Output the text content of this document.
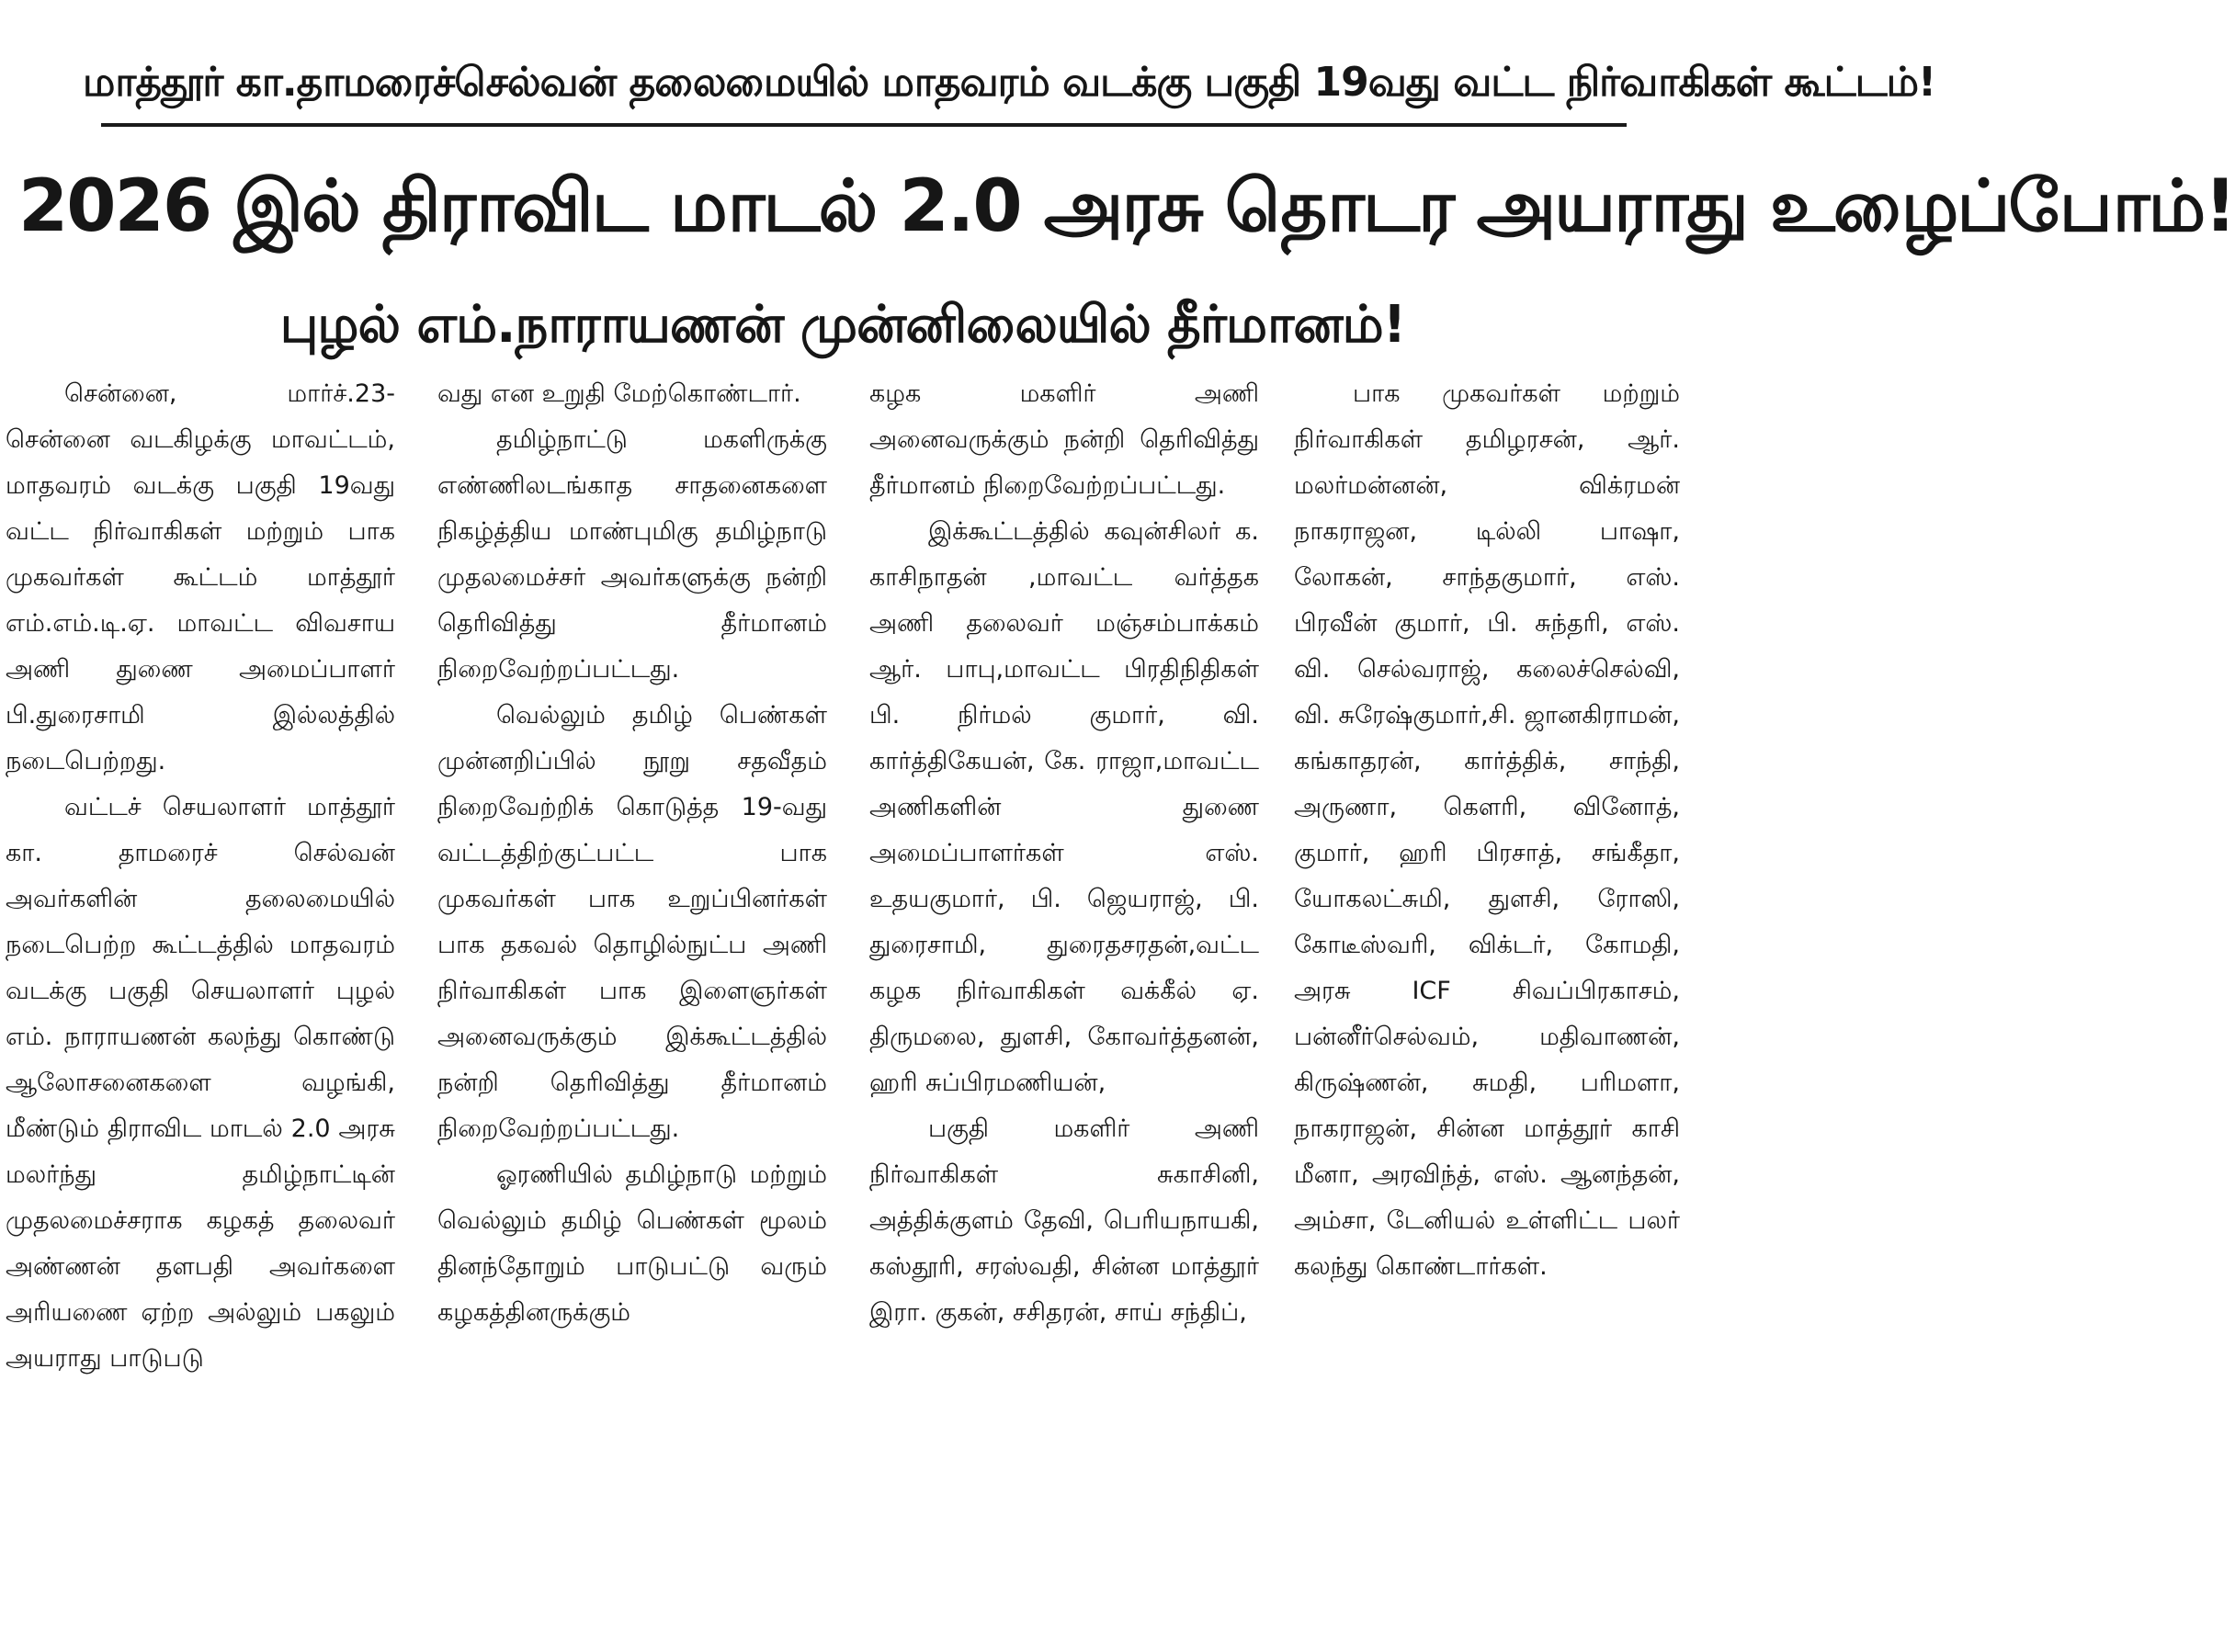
மாத்தூர் கா.தாமரைச்செல்வன் தலைமையில் மாதவரம் வடக்கு பகுதி 19வது வட்ட நிர்வாகிகள் கூட்டம்!
2026 இல் திராவிட மாடல் 2.0 அரசு தொடர அயராது உழைப்போம்!
புழல் எம்.நாராயணன் முன்னிலையில் தீர்மானம்!

சென்னை, மார்ச்.23- சென்னை வடகிழக்கு மாவட்டம், மாதவரம் வடக்கு பகுதி 19வது வட்ட நிர்வாகிகள் மற்றும் பாக முகவர்கள் கூட்டம் மாத்தூர் எம்.எம்.டி.ஏ. மாவட்ட விவசாய அணி துணை அமைப்பாளர் பி.துரைசாமி இல்லத்தில் நடைபெற்றது.

வட்டச் செயலாளர் மாத்தூர் கா. தாமரைச் செல்வன் அவர்களின் தலைமையில் நடைபெற்ற கூட்டத்தில் மாதவரம் வடக்கு பகுதி செயலாளர் புழல் எம். நாராயணன் கலந்து கொண்டு ஆலோசனைகளை வழங்கி, மீண்டும் திராவிட மாடல் 2.0 அரசு மலர்ந்து தமிழ்நாட்டின் முதலமைச்சராக கழகத் தலைவர் அண்ணன் தளபதி அவர்களை அரியணை ஏற்ற அல்லும் பகலும் அயராது பாடுபடு

வது என உறுதி மேற்கொண்டார்.

தமிழ்நாட்டு மகளிருக்கு எண்ணிலடங்காத சாதனைகளை நிகழ்த்திய மாண்புமிகு தமிழ்நாடு முதலமைச்சர் அவர்களுக்கு நன்றி தெரிவித்து தீர்மானம் நிறைவேற்றப்பட்டது.

வெல்லும் தமிழ் பெண்கள் முன்னறிப்பில் நூறு சதவீதம் நிறைவேற்றிக் கொடுத்த 19-வது வட்டத்திற்குட்பட்ட பாக முகவர்கள் பாக உறுப்பினர்கள் பாக தகவல் தொழில்நுட்ப அணி நிர்வாகிகள் பாக இளைஞர்கள் அனைவருக்கும் இக்கூட்டத்தில் நன்றி தெரிவித்து தீர்மானம் நிறைவேற்றப்பட்டது.

ஓரணியில் தமிழ்நாடு மற்றும் வெல்லும் தமிழ் பெண்கள் மூலம் தினந்தோறும் பாடுபட்டு வரும் கழகத்தினருக்கும்

கழக மகளிர் அணி அனைவருக்கும் நன்றி தெரிவித்து தீர்மானம் நிறைவேற்றப்பட்டது.

இக்கூட்டத்தில் கவுன்சிலர் க. காசிநாதன் ,மாவட்ட வர்த்தக அணி தலைவர் மஞ்சம்பாக்கம் ஆர். பாபு,மாவட்ட பிரதிநிதிகள் பி. நிர்மல் குமார், வி. கார்த்திகேயன், கே. ராஜா,மாவட்ட அணிகளின் துணை அமைப்பாளர்கள் எஸ். உதயகுமார், பி. ஜெயராஜ், பி. துரைசாமி, துரைதசரதன்,வட்ட கழக நிர்வாகிகள் வக்கீல் ஏ. திருமலை, துளசி, கோவர்த்தனன், ஹரி சுப்பிரமணியன்,

பகுதி மகளிர் அணி நிர்வாகிகள் சுகாசினி, அத்திக்குளம் தேவி, பெரியநாயகி, கஸ்தூரி, சரஸ்வதி, சின்ன மாத்தூர் இரா. குகன், சசிதரன், சாய் சந்திப்,

பாக முகவர்கள் மற்றும் நிர்வாகிகள் தமிழரசன், ஆர். மலர்மன்னன், விக்ரமன் நாகராஜன, டில்லி பாஷா, லோகன், சாந்தகுமார், எஸ். பிரவீன் குமார், பி. சுந்தரி, எஸ். வி. செல்வராஜ், கலைச்செல்வி, வி. சுரேஷ்குமார்,சி. ஜானகிராமன், கங்காதரன், கார்த்திக், சாந்தி, அருணா, கௌரி, வினோத், குமார், ஹரி பிரசாத், சங்கீதா, யோகலட்சுமி, துளசி, ரோஸி, கோடீஸ்வரி, விக்டர், கோமதி, அரசு ICF சிவப்பிரகாசம், பன்னீர்செல்வம், மதிவாணன், கிருஷ்ணன், சுமதி, பரிமளா, நாகராஜன், சின்ன மாத்தூர் காசி மீனா, அரவிந்த், எஸ். ஆனந்தன், அம்சா, டேனியல் உள்ளிட்ட பலர் கலந்து கொண்டார்கள்.
